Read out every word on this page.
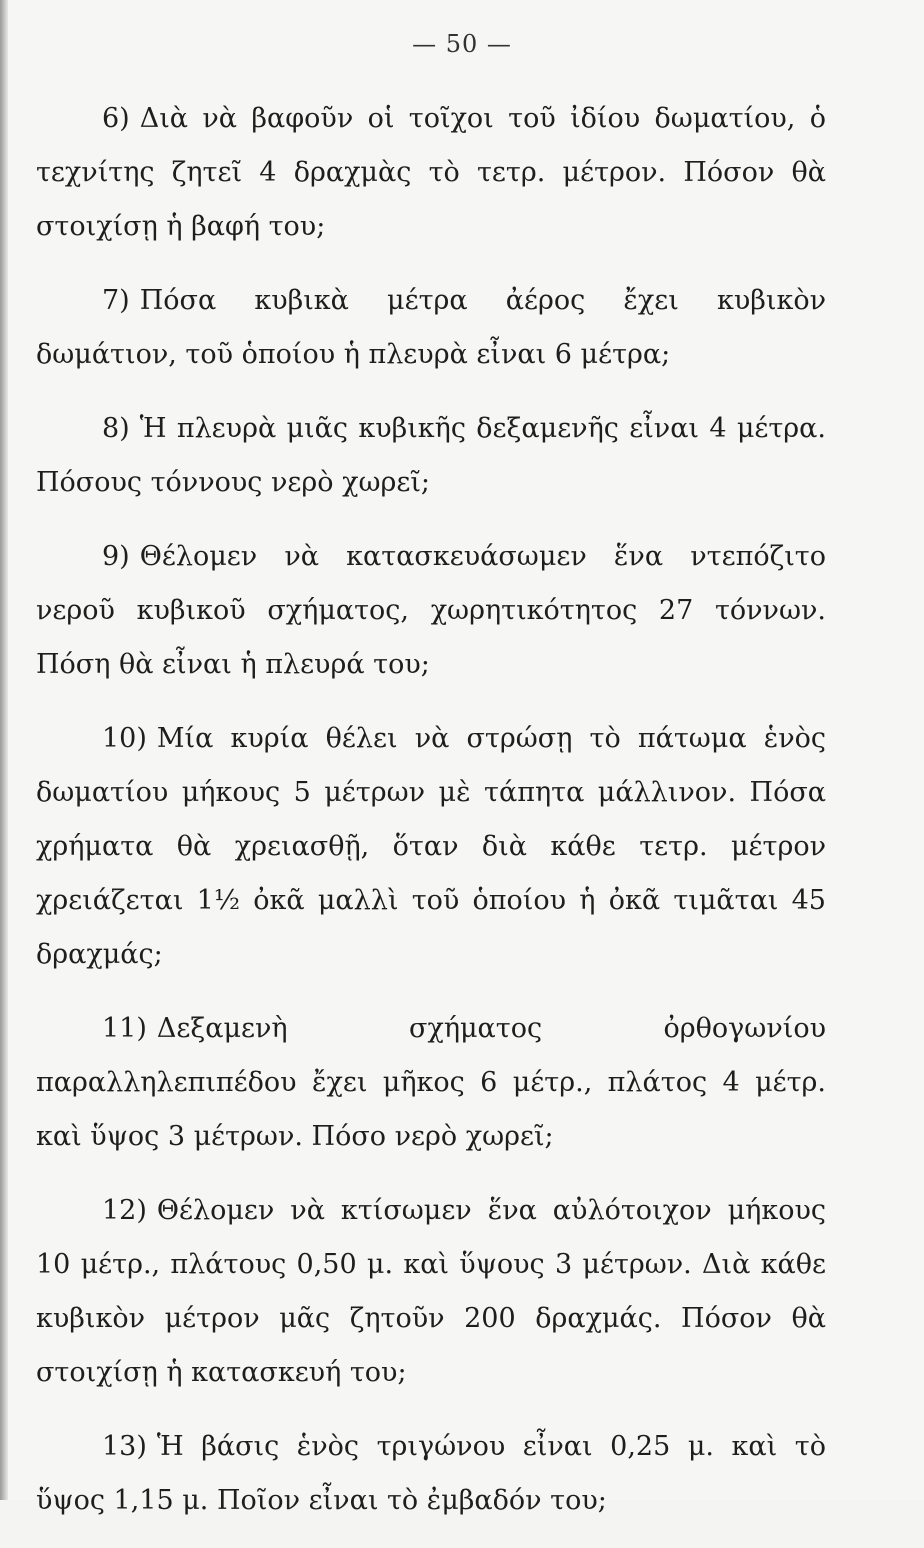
— 50 —

6) Διὰ νὰ βαφοῦν οἱ τοῖχοι τοῦ ἰδίου δωματίου, ὁ τεχνίτης ζητεῖ 4 δραχμὰς τὸ τετρ. μέτρον. Πόσον θὰ στοιχίσῃ ἡ βαφή του;

7) Πόσα κυβικὰ μέτρα ἀέρος ἔχει κυβικὸν δωμάτιον, τοῦ ὁποίου ἡ πλευρὰ εἶναι 6 μέτρα;

8) Ἡ πλευρὰ μιᾶς κυβικῆς δεξαμενῆς εἶναι 4 μέτρα. Πόσους τόννους νερὸ χωρεῖ;

9) Θέλομεν νὰ κατασκευάσωμεν ἕνα ντεπόζιτο νεροῦ κυβικοῦ σχήματος, χωρητικότητος 27 τόννων. Πόση θὰ εἶναι ἡ πλευρά του;

10) Μία κυρία θέλει νὰ στρώσῃ τὸ πάτωμα ἑνὸς δωματίου μήκους 5 μέτρων μὲ τάπητα μάλλινον. Πόσα χρήματα θὰ χρειασθῇ, ὅταν διὰ κάθε τετρ. μέτρον χρειάζεται 1½ ὀκᾶ μαλλὶ τοῦ ὁποίου ἡ ὀκᾶ τιμᾶται 45 δραχμάς;

11) Δεξαμενὴ σχήματος ὀρθογωνίου παραλληλεπιπέδου ἔχει μῆκος 6 μέτρ., πλάτος 4 μέτρ. καὶ ὕψος 3 μέτρων. Πόσο νερὸ χωρεῖ;

12) Θέλομεν νὰ κτίσωμεν ἕνα αὐλότοιχον μήκους 10 μέτρ., πλάτους 0,50 μ. καὶ ὕψους 3 μέτρων. Διὰ κάθε κυβικὸν μέτρον μᾶς ζητοῦν 200 δραχμάς. Πόσον θὰ στοιχίσῃ ἡ κατασκευή του;

13) Ἡ βάσις ἑνὸς τριγώνου εἶναι 0,25 μ. καὶ τὸ ὕψος 1,15 μ. Ποῖον εἶναι τὸ ἐμβαδόν του;
